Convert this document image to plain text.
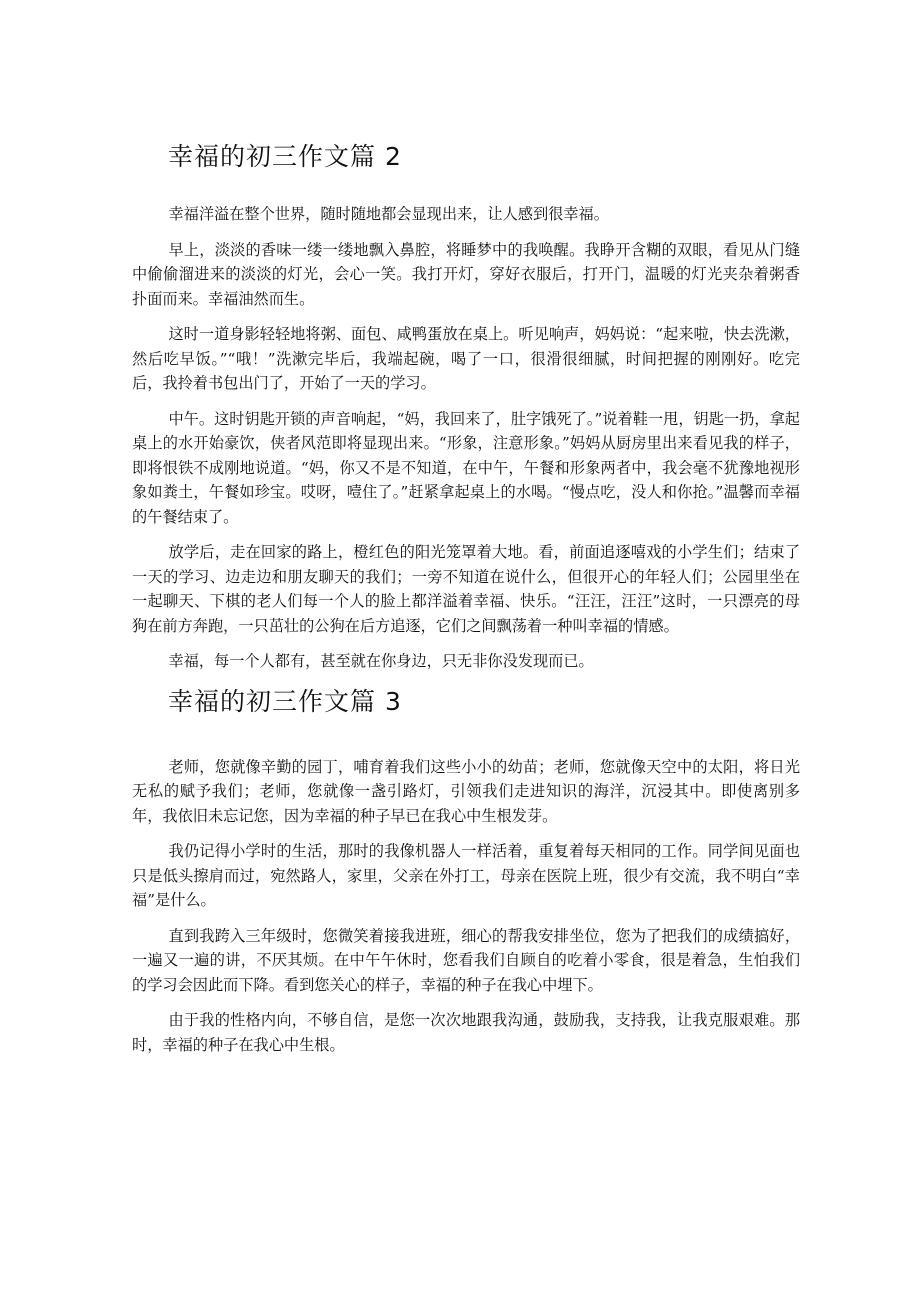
幸福的初三作文篇 2

幸福洋溢在整个世界，随时随地都会显现出来，让人感到很幸福。

早上，淡淡的香味一缕一缕地飘入鼻腔，将睡梦中的我唤醒。我睁开含糊的双眼，看见从门缝中偷偷溜进来的淡淡的灯光，会心一笑。我打开灯，穿好衣服后，打开门，温暖的灯光夹杂着粥香扑面而来。幸福油然而生。

这时一道身影轻轻地将粥、面包、咸鸭蛋放在桌上。听见响声，妈妈说：“起来啦，快去洗漱，然后吃早饭。”“哦！”洗漱完毕后，我端起碗，喝了一口，很滑很细腻，时间把握的刚刚好。吃完后，我拎着书包出门了，开始了一天的学习。

中午。这时钥匙开锁的声音响起，“妈，我回来了，肚字饿死了。”说着鞋一甩，钥匙一扔，拿起桌上的水开始豪饮，侠者风范即将显现出来。“形象，注意形象。”妈妈从厨房里出来看见我的样子，即将恨铁不成刚地说道。“妈，你又不是不知道，在中午，午餐和形象两者中，我会毫不犹豫地视形象如粪土，午餐如珍宝。哎呀，噎住了。”赶紧拿起桌上的水喝。“慢点吃，没人和你抢。”温馨而幸福的午餐结束了。

放学后，走在回家的路上，橙红色的阳光笼罩着大地。看，前面追逐嘻戏的小学生们；结束了一天的学习、边走边和朋友聊天的我们；一旁不知道在说什么，但很开心的年轻人们；公园里坐在一起聊天、下棋的老人们每一个人的脸上都洋溢着幸福、快乐。“汪汪，汪汪”这时，一只漂亮的母狗在前方奔跑，一只茁壮的公狗在后方追逐，它们之间飘荡着一种叫幸福的情感。

幸福，每一个人都有，甚至就在你身边，只无非你没发现而已。

幸福的初三作文篇 3

老师，您就像辛勤的园丁，哺育着我们这些小小的幼苗；老师，您就像天空中的太阳，将日光无私的赋予我们；老师，您就像一盏引路灯，引领我们走进知识的海洋，沉浸其中。即使离别多年，我依旧未忘记您，因为幸福的种子早已在我心中生根发芽。

我仍记得小学时的生活，那时的我像机器人一样活着，重复着每天相同的工作。同学间见面也只是低头擦肩而过，宛然路人，家里，父亲在外打工，母亲在医院上班，很少有交流，我不明白“幸福”是什么。

直到我跨入三年级时，您微笑着接我进班，细心的帮我安排坐位，您为了把我们的成绩搞好，一遍又一遍的讲，不厌其烦。在中午午休时，您看我们自顾自的吃着小零食，很是着急，生怕我们的学习会因此而下降。看到您关心的样子，幸福的种子在我心中埋下。

由于我的性格内向，不够自信，是您一次次地跟我沟通，鼓励我，支持我，让我克服艰难。那时，幸福的种子在我心中生根。
